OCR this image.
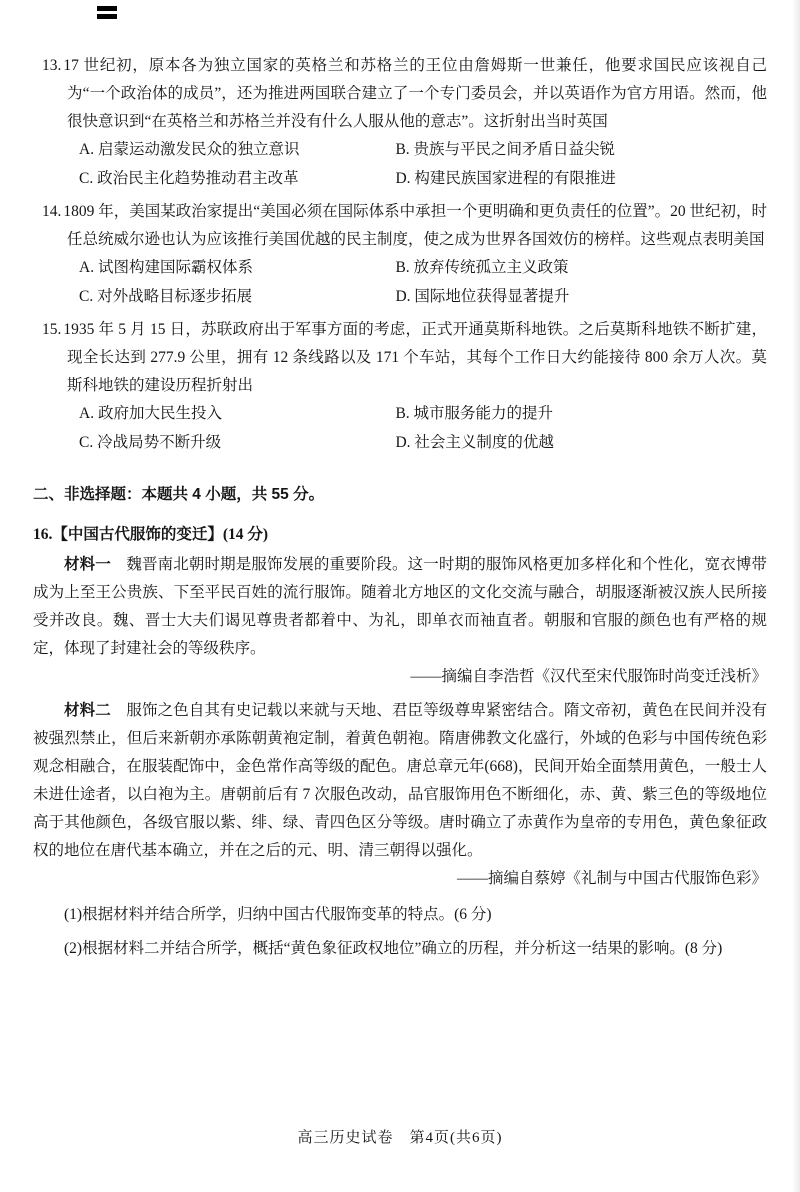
13. 17 世纪初，原本各为独立国家的英格兰和苏格兰的王位由詹姆斯一世兼任，他要求国民应该视自己为“一个政治体的成员”，还为推进两国联合建立了一个专门委员会，并以英语作为官方用语。然而，他很快意识到“在英格兰和苏格兰并没有什么人服从他的意志”。这折射出当时英国

A. 启蒙运动激发民众的独立意识	B. 贵族与平民之间矛盾日益尖锐
C. 政治民主化趋势推动君主改革	D. 构建民族国家进程的有限推进

14. 1809 年，美国某政治家提出“美国必须在国际体系中承担一个更明确和更负责任的位置”。20 世纪初，时任总统威尔逊也认为应该推行美国优越的民主制度，使之成为世界各国效仿的榜样。这些观点表明美国

A. 试图构建国际霸权体系	B. 放弃传统孤立主义政策
C. 对外战略目标逐步拓展	D. 国际地位获得显著提升

15. 1935 年 5 月 15 日，苏联政府出于军事方面的考虑，正式开通莫斯科地铁。之后莫斯科地铁不断扩建，现全长达到 277.9 公里，拥有 12 条线路以及 171 个车站，其每个工作日大约能接待 800 余万人次。莫斯科地铁的建设历程折射出

A. 政府加大民生投入	B. 城市服务能力的提升
C. 冷战局势不断升级	D. 社会主义制度的优越

二、非选择题：本题共 4 小题，共 55 分。

16.【中国古代服饰的变迁】(14 分)

材料一 魏晋南北朝时期是服饰发展的重要阶段。这一时期的服饰风格更加多样化和个性化，宽衣博带成为上至王公贵族、下至平民百姓的流行服饰。随着北方地区的文化交流与融合，胡服逐渐被汉族人民所接受并改良。魏、晋士大夫们谒见尊贵者都着中、为礼，即单衣而袖直者。朝服和官服的颜色也有严格的规定，体现了封建社会的等级秩序。

——摘编自李浩哲《汉代至宋代服饰时尚变迁浅析》

材料二 服饰之色自其有史记载以来就与天地、君臣等级尊卑紧密结合。隋文帝初，黄色在民间并没有被强烈禁止，但后来新朝亦承陈朝黄袍定制，着黄色朝袍。隋唐佛教文化盛行，外域的色彩与中国传统色彩观念相融合，在服装配饰中，金色常作高等级的配色。唐总章元年(668)，民间开始全面禁用黄色，一般士人未进仕途者，以白袍为主。唐朝前后有 7 次服色改动，品官服饰用色不断细化，赤、黄、紫三色的等级地位高于其他颜色，各级官服以紫、绯、绿、青四色区分等级。唐时确立了赤黄作为皇帝的专用色，黄色象征政权的地位在唐代基本确立，并在之后的元、明、清三朝得以强化。

——摘编自蔡婷《礼制与中国古代服饰色彩》

(1)根据材料并结合所学，归纳中国古代服饰变革的特点。(6 分)

(2)根据材料二并结合所学，概括“黄色象征政权地位”确立的历程，并分析这一结果的影响。(8 分)

高三历史试卷　第4页(共6页)
